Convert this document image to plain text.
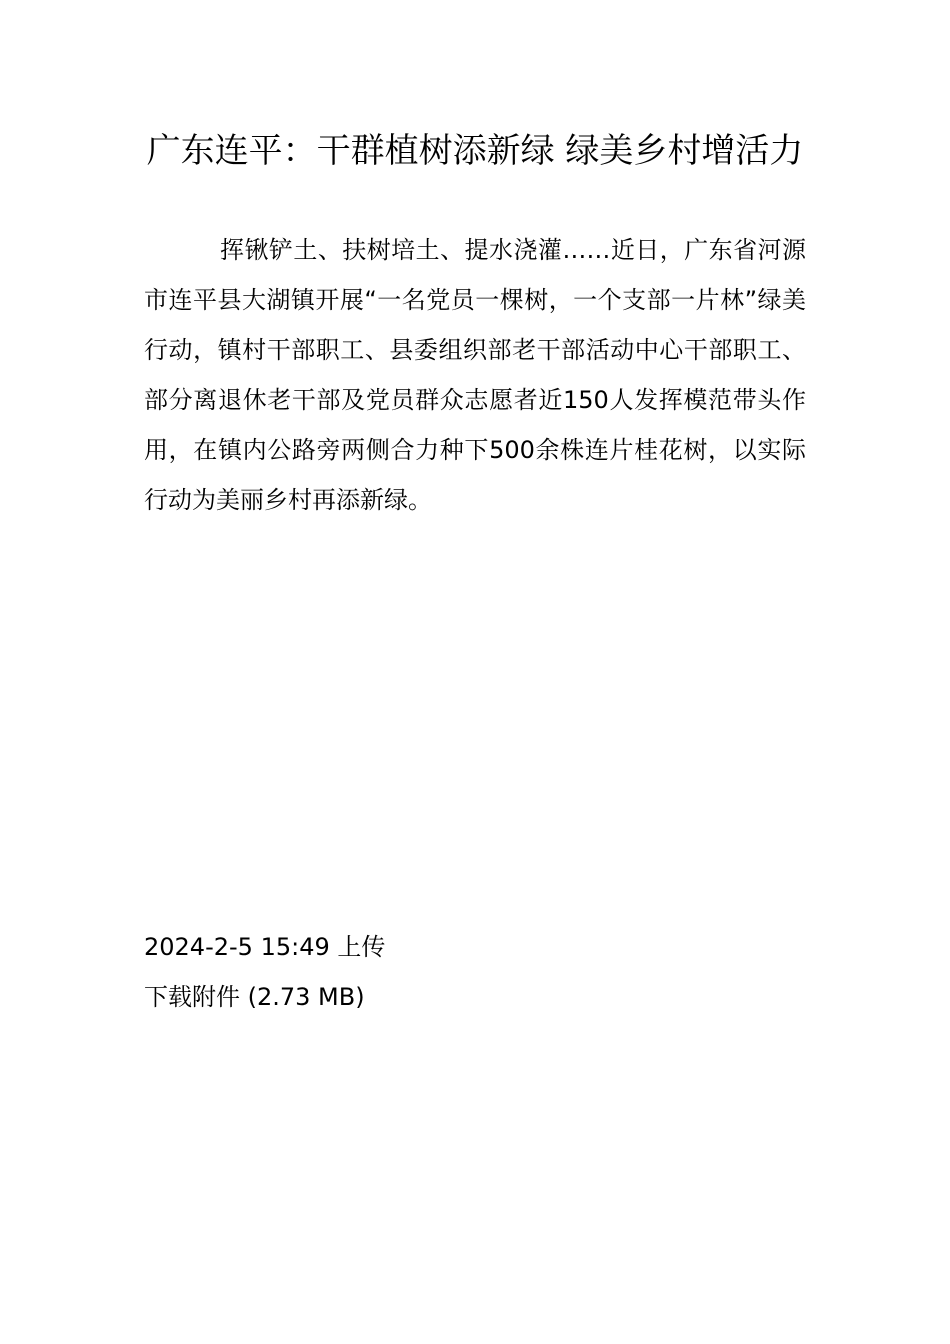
广东连平：干群植树添新绿 绿美乡村增活力

挥锹铲土、扶树培土、提水浇灌……近日，广东省河源市连平县大湖镇开展“一名党员一棵树，一个支部一片林”绿美行动，镇村干部职工、县委组织部老干部活动中心干部职工、部分离退休老干部及党员群众志愿者近150人发挥模范带头作用，在镇内公路旁两侧合力种下500余株连片桂花树，以实际行动为美丽乡村再添新绿。

2024-2-5 15:49 上传
下载附件 (2.73 MB)
